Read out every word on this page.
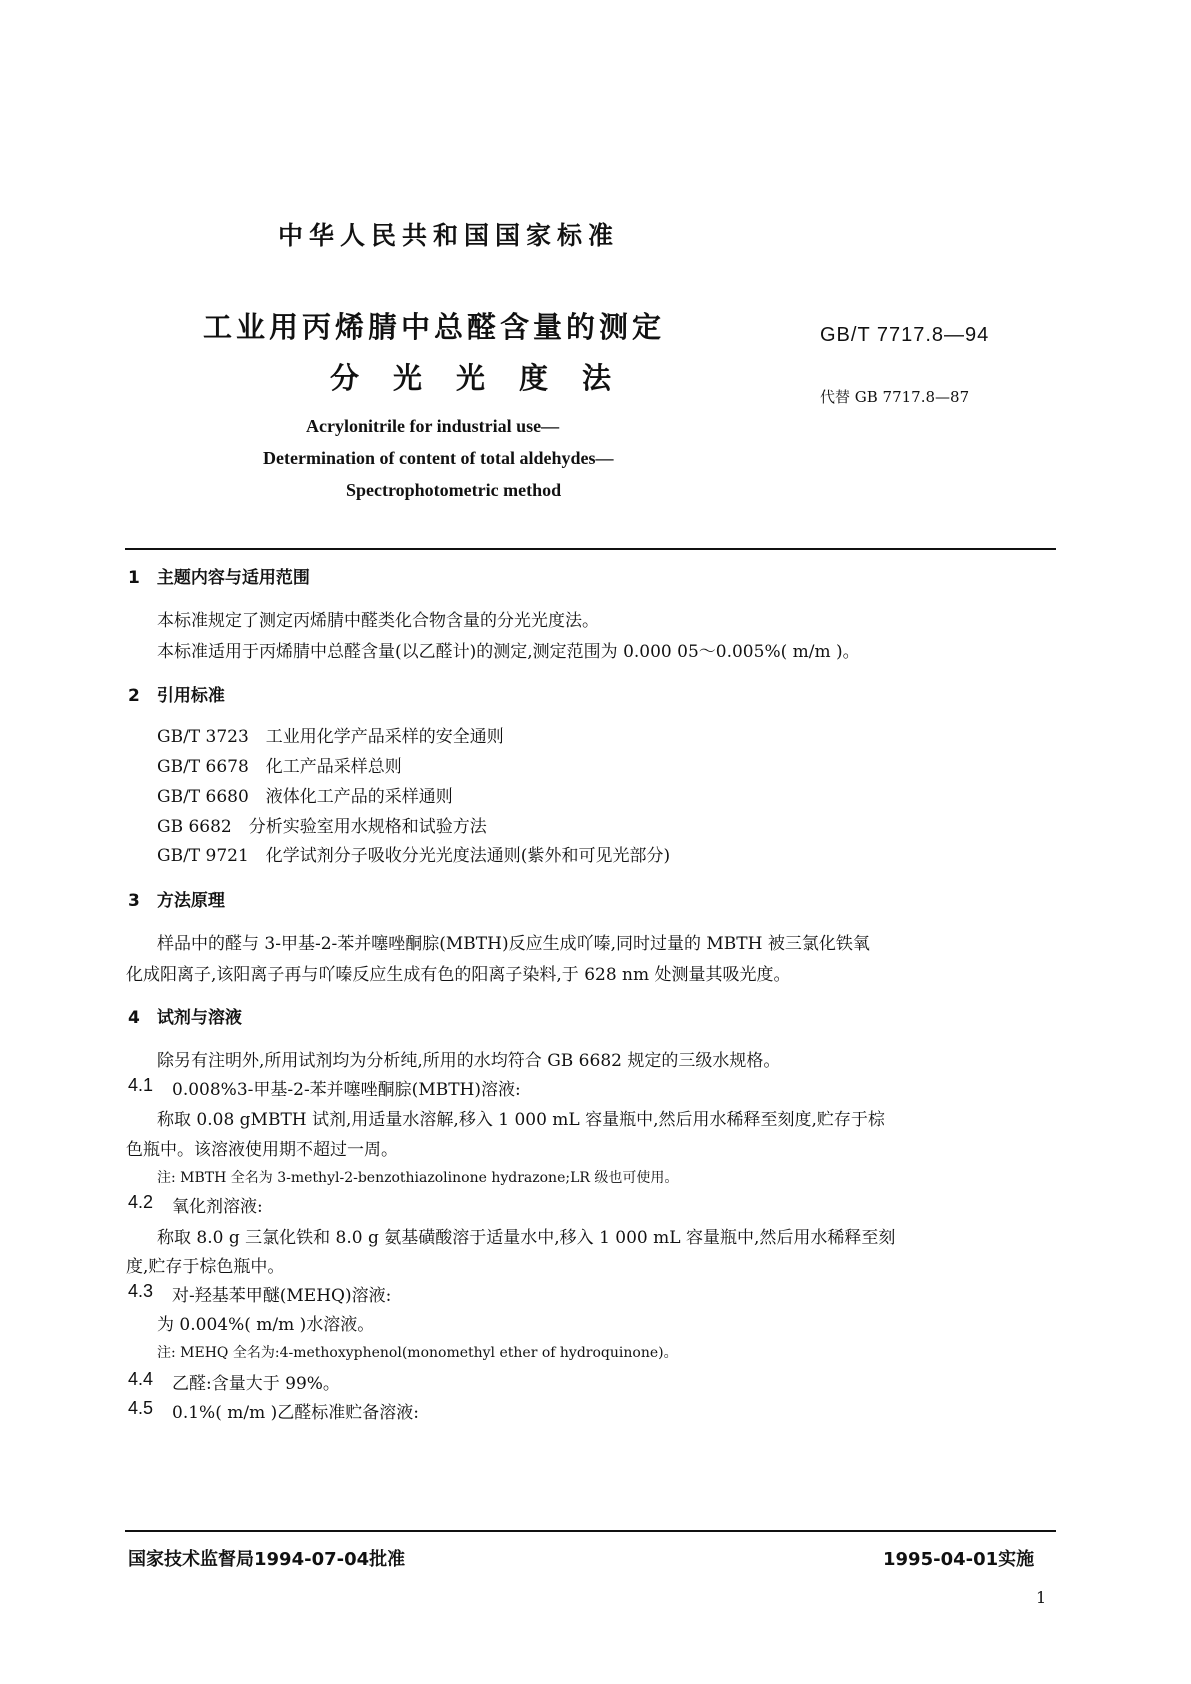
中华人民共和国国家标准
工业用丙烯腈中总醛含量的测定
分光光度法
GB/T 7717.8—94
代替 GB 7717.8—87
Acrylonitrile for industrial use—
Determination of content of total aldehydes—
Spectrophotometric method
1　主题内容与适用范围
本标准规定了测定丙烯腈中醛类化合物含量的分光光度法。
本标准适用于丙烯腈中总醛含量(以乙醛计)的测定,测定范围为 0.000 05～0.005%( m/m )。
2　引用标准
GB/T 3723　工业用化学产品采样的安全通则
GB/T 6678　化工产品采样总则
GB/T 6680　液体化工产品的采样通则
GB 6682　分析实验室用水规格和试验方法
GB/T 9721　化学试剂分子吸收分光光度法通则(紫外和可见光部分)
3　方法原理
样品中的醛与 3-甲基-2-苯并噻唑酮腙(MBTH)反应生成吖嗪,同时过量的 MBTH 被三氯化铁氧
化成阳离子,该阳离子再与吖嗪反应生成有色的阳离子染料,于 628 nm 处测量其吸光度。
4　试剂与溶液
除另有注明外,所用试剂均为分析纯,所用的水均符合 GB 6682 规定的三级水规格。
4.1 0.008%3-甲基-2-苯并噻唑酮腙(MBTH)溶液:
称取 0.08 gMBTH 试剂,用适量水溶解,移入 1 000 mL 容量瓶中,然后用水稀释至刻度,贮存于棕
色瓶中。该溶液使用期不超过一周。
注: MBTH 全名为 3-methyl-2-benzothiazolinone hydrazone;LR 级也可使用。
4.2 氧化剂溶液:
称取 8.0 g 三氯化铁和 8.0 g 氨基磺酸溶于适量水中,移入 1 000 mL 容量瓶中,然后用水稀释至刻
度,贮存于棕色瓶中。
4.3 对-羟基苯甲醚(MEHQ)溶液:
为 0.004%( m/m )水溶液。
注: MEHQ 全名为:4-methoxyphenol(monomethyl ether of hydroquinone)。
4.4 乙醛:含量大于 99%。
4.5 0.1%( m/m )乙醛标准贮备溶液:
国家技术监督局1994-07-04批准	1995-04-01实施
1
